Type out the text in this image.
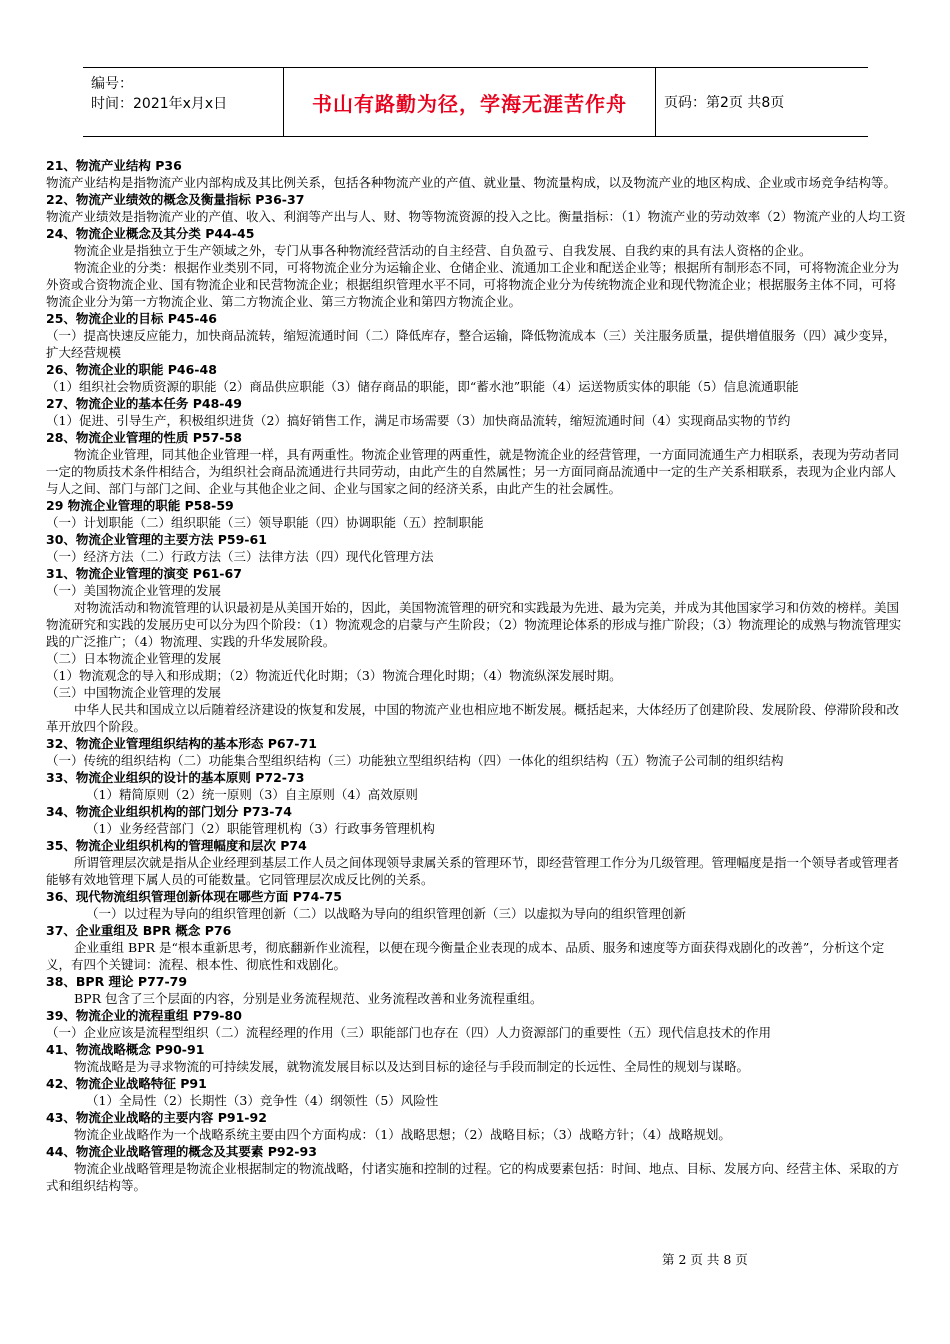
编号：
时间：2021年x月x日	书山有路勤为径，学海无涯苦作舟	页码：第2页 共8页

21、物流产业结构 P36

物流产业结构是指物流产业内部构成及其比例关系，包括各种物流产业的产值、就业量、物流量构成，以及物流产业的地区构成、企业或市场竞争结构等。

22、物流产业绩效的概念及衡量指标 P36-37

物流产业绩效是指物流产业的产值、收入、利润等产出与人、财、物等物流资源的投入之比。衡量指标：（1）物流产业的劳动效率（2）物流产业的人均工资

24、物流企业概念及其分类 P44-45

物流企业是指独立于生产领域之外，专门从事各种物流经营活动的自主经营、自负盈亏、自我发展、自我约束的具有法人资格的企业。

物流企业的分类：根据作业类别不同，可将物流企业分为运输企业、仓储企业、流通加工企业和配送企业等；根据所有制形态不同，可将物流企业分为外资或合资物流企业、国有物流企业和民营物流企业；根据组织管理水平不同，可将物流企业分为传统物流企业和现代物流企业；根据服务主体不同，可将物流企业分为第一方物流企业、第二方物流企业、第三方物流企业和第四方物流企业。

25、物流企业的目标 P45-46

（一）提高快速反应能力，加快商品流转，缩短流通时间（二）降低库存，整合运输，降低物流成本（三）关注服务质量，提供增值服务（四）减少变异，扩大经营规模

26、物流企业的职能 P46-48

（1）组织社会物质资源的职能（2）商品供应职能（3）储存商品的职能，即“蓄水池”职能（4）运送物质实体的职能（5）信息流通职能

27、物流企业的基本任务 P48-49

（1）促进、引导生产，积极组织进货（2）搞好销售工作，满足市场需要（3）加快商品流转，缩短流通时间（4）实现商品实物的节约

28、物流企业管理的性质 P57-58

物流企业管理，同其他企业管理一样，具有两重性。物流企业管理的两重性，就是物流企业的经营管理，一方面同流通生产力相联系，表现为劳动者同一定的物质技术条件相结合，为组织社会商品流通进行共同劳动，由此产生的自然属性；另一方面同商品流通中一定的生产关系相联系，表现为企业内部人与人之间、部门与部门之间、企业与其他企业之间、企业与国家之间的经济关系，由此产生的社会属性。

29 物流企业管理的职能 P58-59

（一）计划职能（二）组织职能（三）领导职能（四）协调职能（五）控制职能

30、物流企业管理的主要方法 P59-61

（一）经济方法（二）行政方法（三）法律方法（四）现代化管理方法

31、物流企业管理的演变 P61-67

（一）美国物流企业管理的发展

对物流活动和物流管理的认识最初是从美国开始的，因此，美国物流管理的研究和实践最为先进、最为完美，并成为其他国家学习和仿效的榜样。美国物流研究和实践的发展历史可以分为四个阶段：（1）物流观念的启蒙与产生阶段；（2）物流理论体系的形成与推广阶段；（3）物流理论的成熟与物流管理实践的广泛推广；（4）物流理、实践的升华发展阶段。

（二）日本物流企业管理的发展

（1）物流观念的导入和形成期；（2）物流近代化时期；（3）物流合理化时期；（4）物流纵深发展时期。

（三）中国物流企业管理的发展

中华人民共和国成立以后随着经济建设的恢复和发展，中国的物流产业也相应地不断发展。概括起来，大体经历了创建阶段、发展阶段、停滞阶段和改革开放四个阶段。

32、物流企业管理组织结构的基本形态 P67-71

（一）传统的组织结构（二）功能集合型组织结构（三）功能独立型组织结构（四）一体化的组织结构（五）物流子公司制的组织结构

33、物流企业组织的设计的基本原则 P72-73

（1）精简原则（2）统一原则（3）自主原则（4）高效原则

34、物流企业组织机构的部门划分 P73-74

（1）业务经营部门（2）职能管理机构（3）行政事务管理机构

35、物流企业组织机构的管理幅度和层次 P74

所谓管理层次就是指从企业经理到基层工作人员之间体现领导隶属关系的管理环节，即经营管理工作分为几级管理。管理幅度是指一个领导者或管理者能够有效地管理下属人员的可能数量。它同管理层次成反比例的关系。

36、现代物流组织管理创新体现在哪些方面 P74-75

（一）以过程为导向的组织管理创新（二）以战略为导向的组织管理创新（三）以虚拟为导向的组织管理创新

37、企业重组及 BPR 概念 P76

企业重组 BPR 是“根本重新思考，彻底翻新作业流程，以便在现今衡量企业表现的成本、品质、服务和速度等方面获得戏剧化的改善”，分析这个定义，有四个关键词：流程、根本性、彻底性和戏剧化。

38、BPR 理论 P77-79

BPR 包含了三个层面的内容，分别是业务流程规范、业务流程改善和业务流程重组。

39、物流企业的流程重组 P79-80

（一）企业应该是流程型组织（二）流程经理的作用（三）职能部门也存在（四）人力资源部门的重要性（五）现代信息技术的作用

41、物流战略概念 P90-91

物流战略是为寻求物流的可持续发展，就物流发展目标以及达到目标的途径与手段而制定的长远性、全局性的规划与谋略。

42、物流企业战略特征 P91

（1）全局性（2）长期性（3）竞争性（4）纲领性（5）风险性

43、物流企业战略的主要内容 P91-92

物流企业战略作为一个战略系统主要由四个方面构成：（1）战略思想；（2）战略目标；（3）战略方针；（4）战略规划。

44、物流企业战略管理的概念及其要素 P92-93

物流企业战略管理是物流企业根据制定的物流战略，付诸实施和控制的过程。它的构成要素包括：时间、地点、目标、发展方向、经营主体、采取的方式和组织结构等。

第 2 页 共 8 页
